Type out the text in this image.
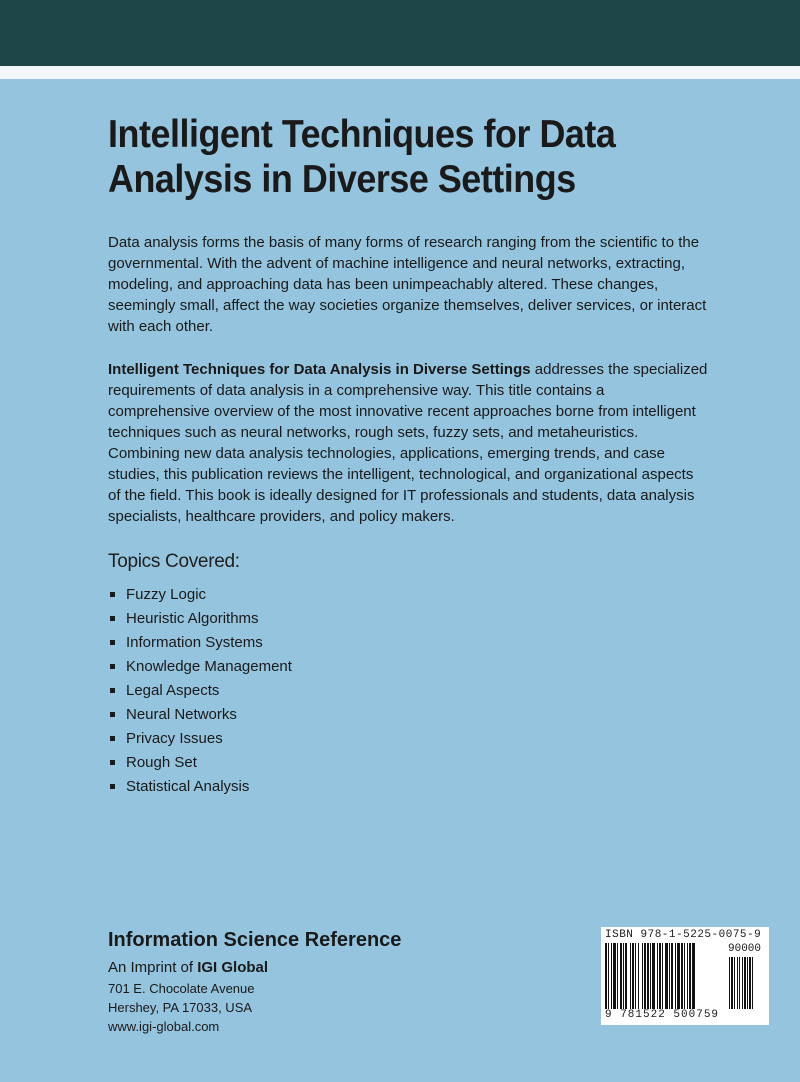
Intelligent Techniques for Data
Analysis in Diverse Settings

Data analysis forms the basis of many forms of research ranging from the scientific to the governmental. With the advent of machine intelligence and neural networks, extracting, modeling, and approaching data has been unimpeachably altered. These changes, seemingly small, affect the way societies organize themselves, deliver services, or interact with each other.

Intelligent Techniques for Data Analysis in Diverse Settings addresses the specialized requirements of data analysis in a comprehensive way. This title contains a comprehensive overview of the most innovative recent approaches borne from intelligent techniques such as neural networks, rough sets, fuzzy sets, and metaheuristics. Combining new data analysis technologies, applications, emerging trends, and case studies, this publication reviews the intelligent, technological, and organizational aspects of the field. This book is ideally designed for IT professionals and students, data analysis specialists, healthcare providers, and policy makers.

Topics Covered:
Fuzzy Logic
Heuristic Algorithms
Information Systems
Knowledge Management
Legal Aspects
Neural Networks
Privacy Issues
Rough Set
Statistical Analysis
Information Science Reference
An Imprint of IGI Global
701 E. Chocolate Avenue
Hershey, PA 17033, USA
www.igi-global.com
ISBN 978-1-5225-0075-9
90000
9 781522 500759
